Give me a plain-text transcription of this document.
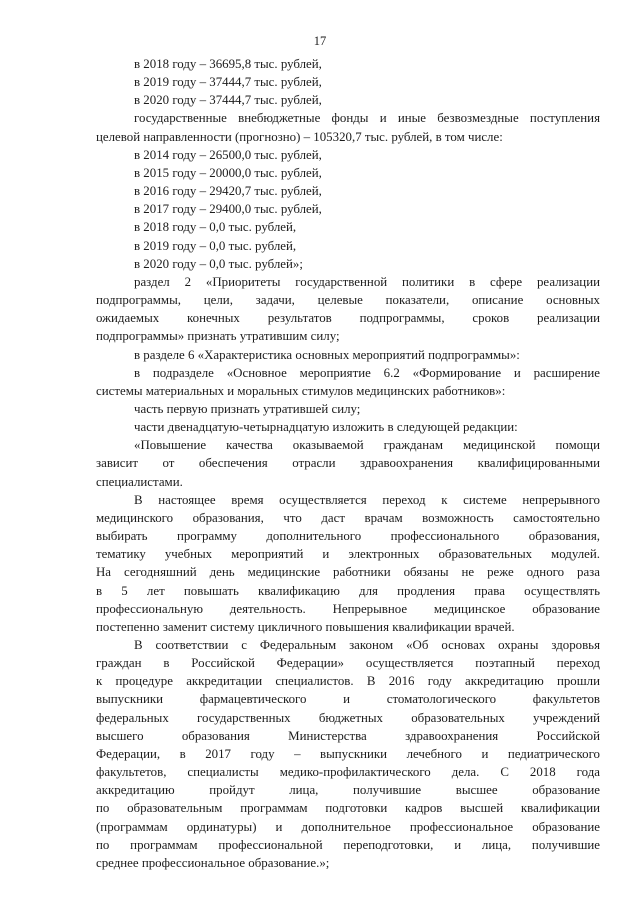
17
в 2018 году – 36695,8 тыс. рублей,
в 2019 году – 37444,7 тыс. рублей,
в 2020 году – 37444,7 тыс. рублей,
государственные внебюджетные фонды и иные безвозмездные поступления
целевой направленности (прогнозно) – 105320,7 тыс. рублей, в том числе:
в 2014 году – 26500,0 тыс. рублей,
в 2015 году – 20000,0 тыс. рублей,
в 2016 году – 29420,7 тыс. рублей,
в 2017 году – 29400,0 тыс. рублей,
в 2018 году – 0,0 тыс. рублей,
в 2019 году – 0,0 тыс. рублей,
в 2020 году – 0,0 тыс. рублей»;
раздел 2 «Приоритеты государственной политики в сфере реализации
подпрограммы, цели, задачи, целевые показатели, описание основных
ожидаемых конечных результатов подпрограммы, сроков реализации
подпрограммы» признать утратившим силу;
в разделе 6 «Характеристика основных мероприятий подпрограммы»:
в подразделе «Основное мероприятие 6.2 «Формирование и расширение
системы материальных и моральных стимулов медицинских работников»:
часть первую признать утратившей силу;
части двенадцатую-четырнадцатую изложить в следующей редакции:
«Повышение качества оказываемой гражданам медицинской помощи
зависит от обеспечения отрасли здравоохранения квалифицированными
специалистами.
В настоящее время осуществляется переход к системе непрерывного
медицинского образования, что даст врачам возможность самостоятельно
выбирать программу дополнительного профессионального образования,
тематику учебных мероприятий и электронных образовательных модулей.
На сегодняшний день медицинские работники обязаны не реже одного раза
в 5 лет повышать квалификацию для продления права осуществлять
профессиональную деятельность. Непрерывное медицинское образование
постепенно заменит систему цикличного повышения квалификации врачей.
В соответствии с Федеральным законом «Об основах охраны здоровья
граждан в Российской Федерации» осуществляется поэтапный переход
к процедуре аккредитации специалистов. В 2016 году аккредитацию прошли
выпускники фармацевтического и стоматологического факультетов
федеральных государственных бюджетных образовательных учреждений
высшего образования Министерства здравоохранения Российской
Федерации, в 2017 году – выпускники лечебного и педиатрического
факультетов, специалисты медико-профилактического дела. С 2018 года
аккредитацию пройдут лица, получившие высшее образование
по образовательным программам подготовки кадров высшей квалификации
(программам ординатуры) и дополнительное профессиональное образование
по программам профессиональной переподготовки, и лица, получившие
среднее профессиональное образование.»;
